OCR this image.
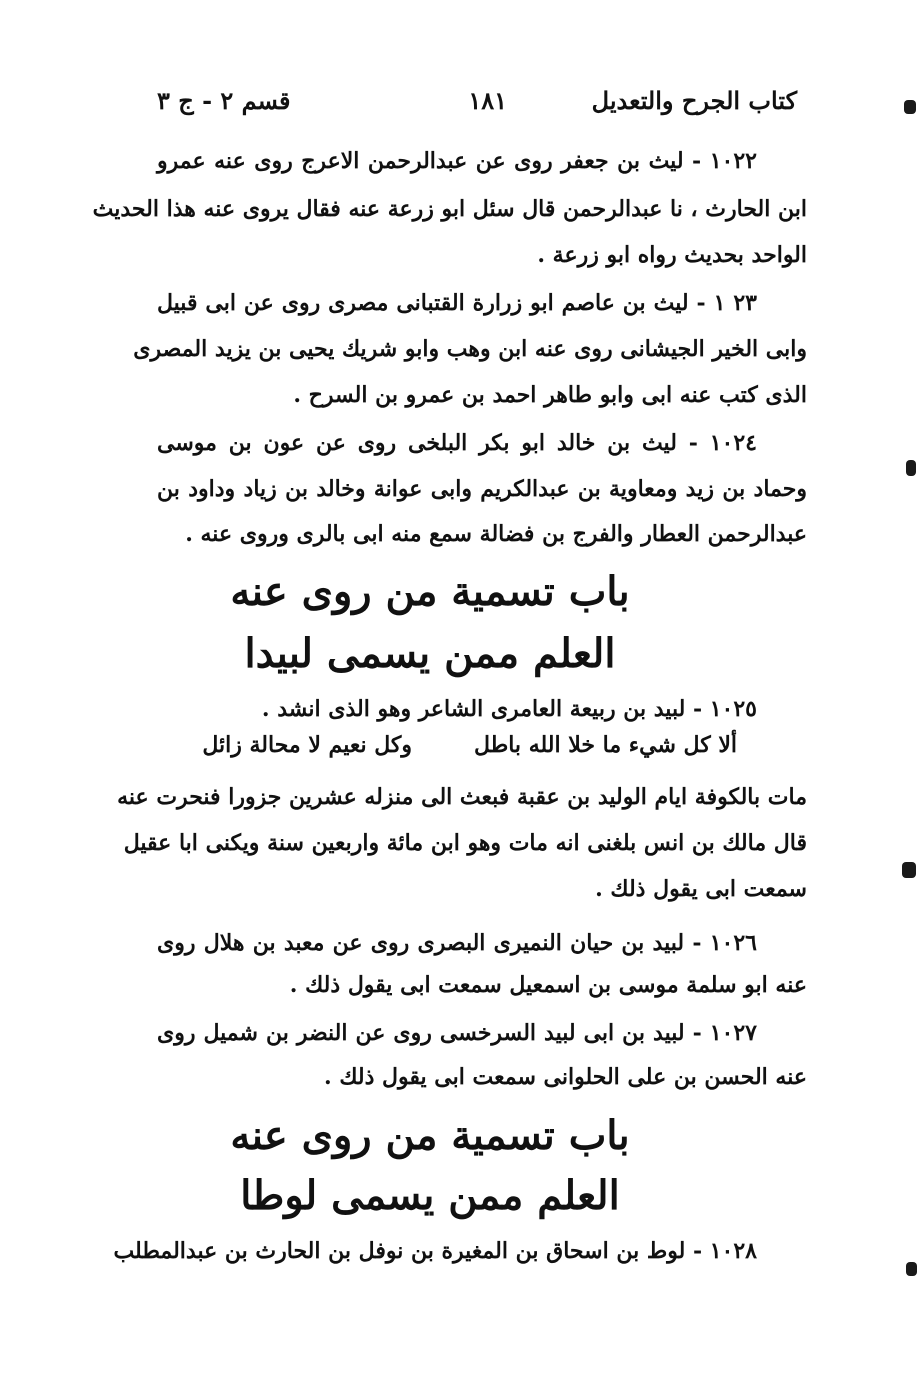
كتاب الجرح والتعديل
١٨١
قسم ٢ - ج ٣
١٠٢٢ - ليث بن جعفر روى عن عبدالرحمن الاعرج روى عنه عمرو
ابن الحارث ، نا عبدالرحمن قال سئل ابو زرعة عنه فقال يروى عنه هذا الحديث
الواحد بحديث رواه ابو زرعة .
٢٣ ١ - ليث بن عاصم ابو زرارة القتبانى مصرى روى عن ابى قبيل
وابى الخير الجيشانى روى عنه ابن وهب وابو شريك يحيى بن يزيد المصرى
الذى كتب عنه ابى وابو طاهر احمد بن عمرو بن السرح .
١٠٢٤ - ليث بن خالد ابو بكر البلخى روى عن عون بن موسى
وحماد بن زيد ومعاوية بن عبدالكريم وابى عوانة وخالد بن زياد وداود بن
عبدالرحمن العطار والفرج بن فضالة سمع منه ابى بالرى وروى عنه .
باب تسمية من روى عنه
العلم ممن يسمى لبيدا
١٠٢٥ - لبيد بن ربيعة العامرى الشاعر وهو الذى انشد .
ألا كل شيء ما خلا الله باطل
وكل نعيم لا محالة زائل
مات بالكوفة ايام الوليد بن عقبة فبعث الى منزله عشرين جزورا فنحرت عنه
قال مالك بن انس بلغنى انه مات وهو ابن مائة واربعين سنة ويكنى ابا عقيل
سمعت ابى يقول ذلك .
١٠٢٦ - لبيد بن حيان النميرى البصرى روى عن معبد بن هلال روى
عنه ابو سلمة موسى بن اسمعيل سمعت ابى يقول ذلك .
١٠٢٧ - لبيد بن ابى لبيد السرخسى روى عن النضر بن شميل روى
عنه الحسن بن على الحلوانى سمعت ابى يقول ذلك .
باب تسمية من روى عنه
العلم ممن يسمى لوطا
١٠٢٨ - لوط بن اسحاق بن المغيرة بن نوفل بن الحارث بن عبدالمطلب
